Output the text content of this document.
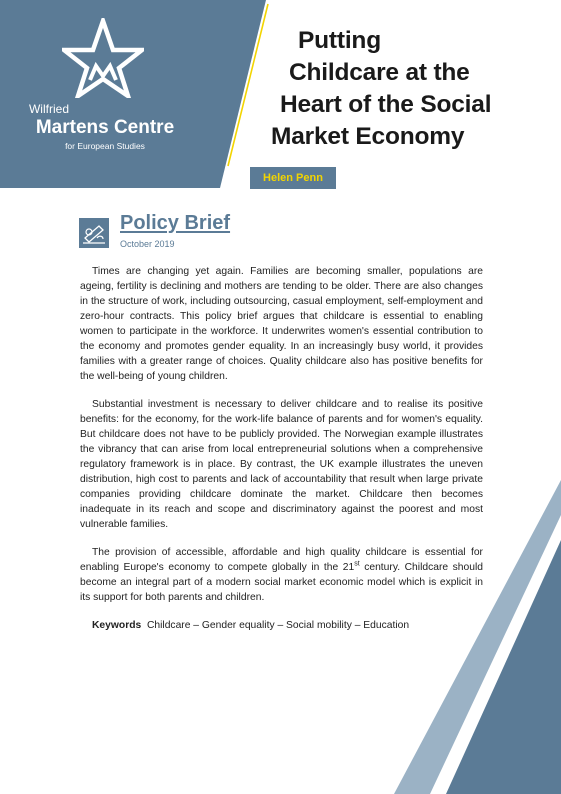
Wilfried
Martens Centre
for European Studies
Putting
Childcare at the
Heart of the Social
Market Economy
Helen Penn
Policy Brief
October 2019

Times are changing yet again. Families are becoming smaller, populations are ageing, fertility is declining and mothers are tending to be older. There are also changes in the structure of work, including outsourcing, casual employment, self-employment and zero-hour contracts. This policy brief argues that childcare is essential to enabling women to participate in the workforce. It underwrites women's essential contribution to the economy and promotes gender equality. In an increasingly busy world, it provides families with a greater range of choices. Quality childcare also has positive benefits for the well-being of young children.

Substantial investment is necessary to deliver childcare and to realise its positive benefits: for the economy, for the work-life balance of parents and for women's equality. But childcare does not have to be publicly provided. The Norwegian example illustrates the vibrancy that can arise from local entrepreneurial solutions when a comprehensive regulatory framework is in place. By contrast, the UK example illustrates the uneven distribution, high cost to parents and lack of accountability that result when large private companies providing childcare dominate the market. Childcare then becomes inadequate in its reach and scope and discriminatory against the poorest and most vulnerable families.

The provision of accessible, affordable and high quality childcare is essential for enabling Europe's economy to compete globally in the 21st century. Childcare should become an integral part of a modern social market economic model which is explicit in its support for both parents and children.

Keywords Childcare – Gender equality – Social mobility – Education
